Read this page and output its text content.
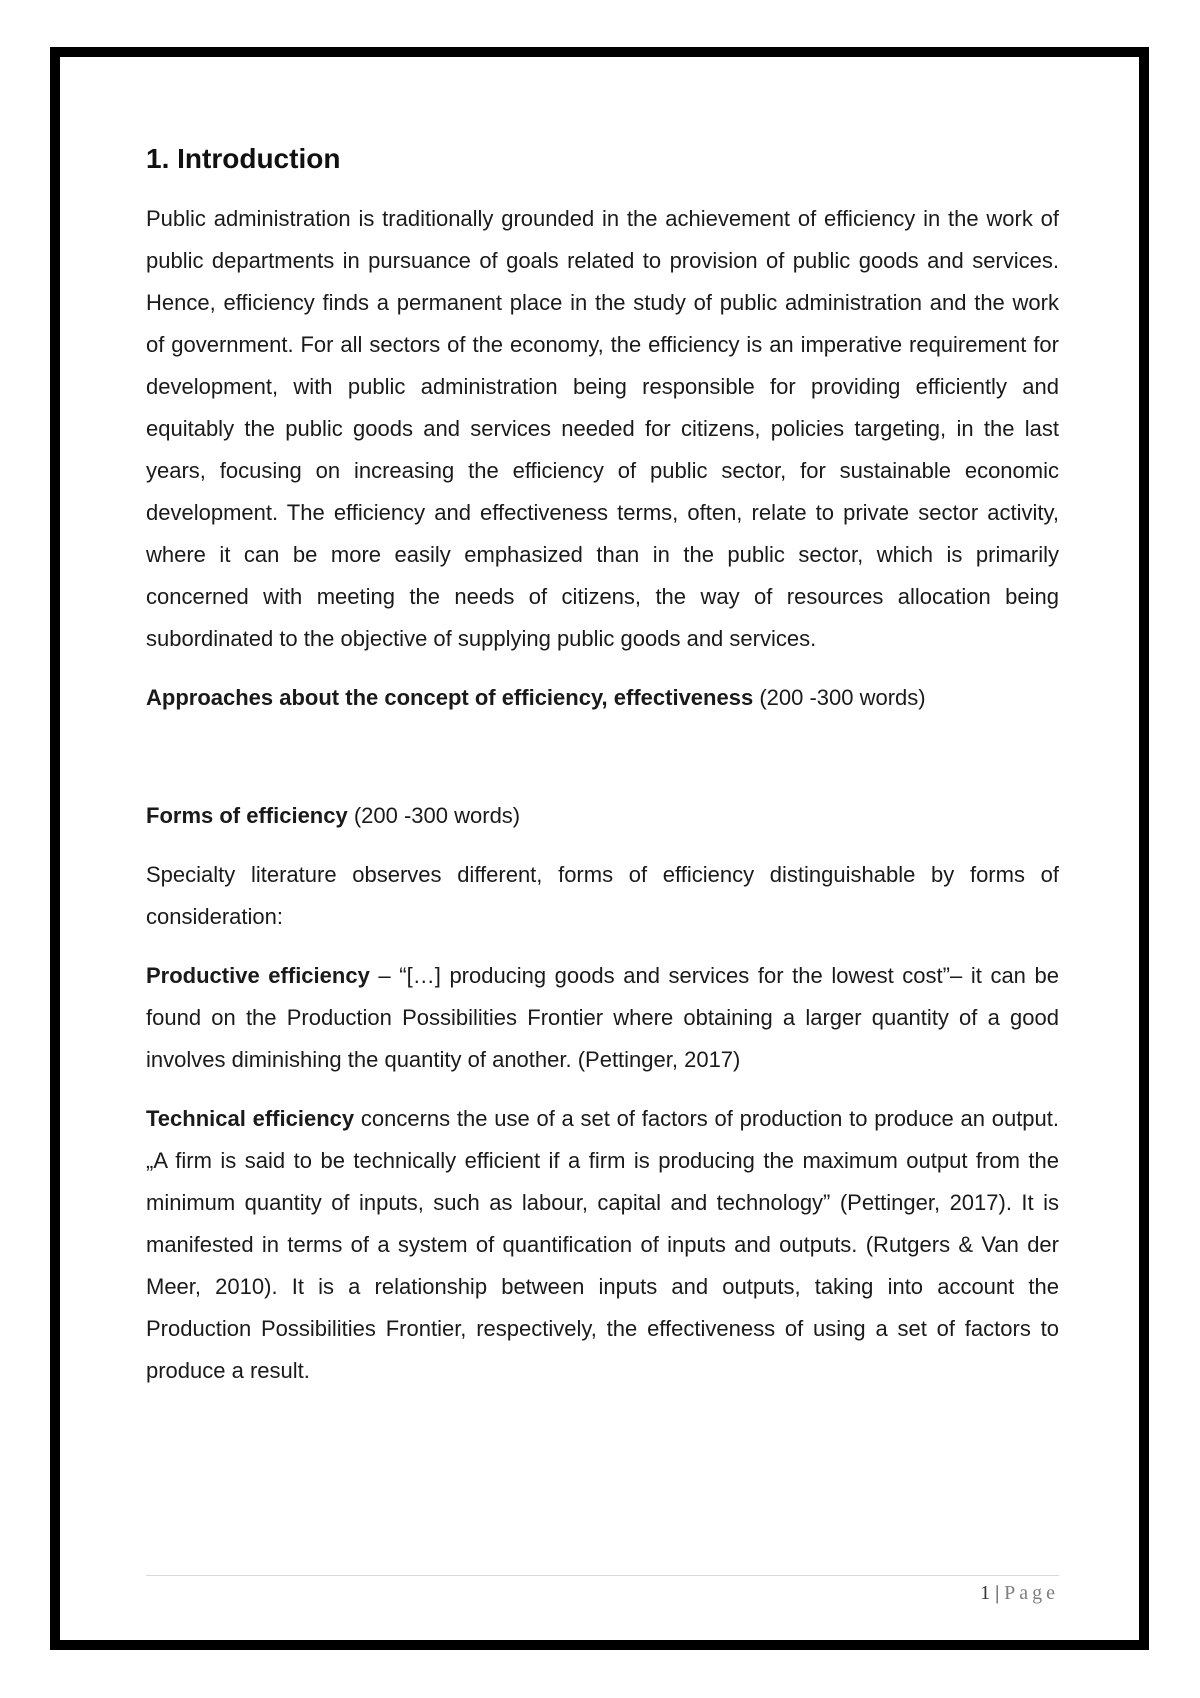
1. Introduction

Public administration is traditionally grounded in the achievement of efficiency in the work of public departments in pursuance of goals related to provision of public goods and services. Hence, efficiency finds a permanent place in the study of public administration and the work of government. For all sectors of the economy, the efficiency is an imperative requirement for development, with public administration being responsible for providing efficiently and equitably the public goods and services needed for citizens, policies targeting, in the last years, focusing on increasing the efficiency of public sector, for sustainable economic development. The efficiency and effectiveness terms, often, relate to private sector activity, where it can be more easily emphasized than in the public sector, which is primarily concerned with meeting the needs of citizens, the way of resources allocation being subordinated to the objective of supplying public goods and services.

Approaches about the concept of efficiency, effectiveness (200 -300 words)

Forms of efficiency (200 -300 words)

Specialty literature observes different, forms of efficiency distinguishable by forms of consideration:

Productive efficiency – “[…] producing goods and services for the lowest cost”– it can be found on the Production Possibilities Frontier where obtaining a larger quantity of a good involves diminishing the quantity of another. (Pettinger, 2017)

Technical efficiency concerns the use of a set of factors of production to produce an output. „A firm is said to be technically efficient if a firm is producing the maximum output from the minimum quantity of inputs, such as labour, capital and technology” (Pettinger, 2017). It is manifested in terms of a system of quantification of inputs and outputs. (Rutgers & Van der Meer, 2010). It is a relationship between inputs and outputs, taking into account the Production Possibilities Frontier, respectively, the effectiveness of using a set of factors to produce a result.

1 | Page
